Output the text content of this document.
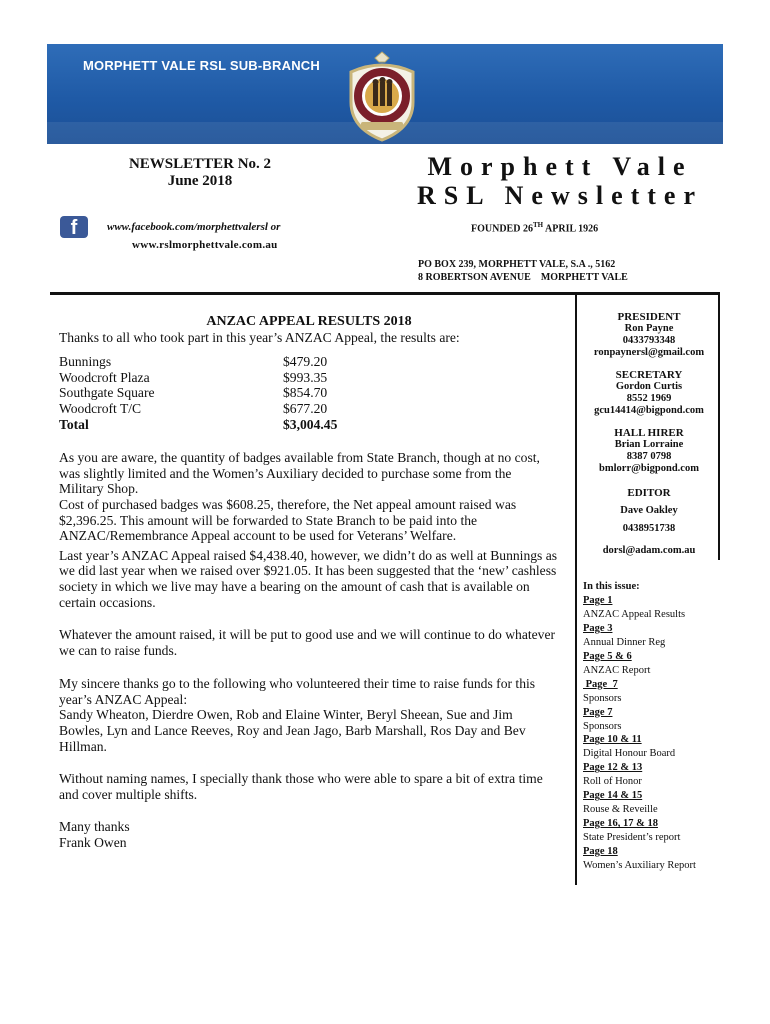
MORPHETT VALE RSL SUB-BRANCH
NEWSLETTER No. 2
June 2018	Morphett Vale
RSL Newsletter
f	www.facebook.com/morphettvalersl or
www.rslmorphettvale.com.au
FOUNDED 26TH APRIL 1926
PO BOX 239, MORPHETT VALE, S.A ., 5162
8 ROBERTSON AVENUE    MORPHETT VALE

ANZAC APPEAL RESULTS 2018

Thanks to all who took part in this year’s ANZAC Appeal, the results are:

Bunnings	$479.20
Woodcroft Plaza	$993.35
Southgate Square	$854.70
Woodcroft T/C	$677.20
Total	$3,004.45

As you are aware, the quantity of badges available from State Branch, though at no cost, was slightly limited and the Women’s Auxiliary decided to purchase some from the Military Shop.

Cost of purchased badges was $608.25, therefore, the Net appeal amount raised was $2,396.25. This amount will be forwarded to State Branch to be paid into the ANZAC/Remembrance Appeal account to be used for Veterans’ Welfare.

Last year’s ANZAC Appeal raised $4,438.40, however, we didn’t do as well at Bunnings as we did last year when we raised over $921.05. It has been suggested that the ‘new’ cashless society in which we live may have a bearing on the amount of cash that is available on certain occasions.

Whatever the amount raised, it will be put to good use and we will continue to do whatever we can to raise funds.

My sincere thanks go to the following who volunteered their time to raise funds for this year’s ANZAC Appeal:

Sandy Wheaton, Dierdre Owen, Rob and Elaine Winter, Beryl Sheean, Sue and Jim Bowles, Lyn and Lance Reeves, Roy and Jean Jago, Barb Marshall, Ros Day and Bev Hillman.

Without naming names, I specially thank those who were able to spare a bit of extra time and cover multiple shifts.

Many thanks

Frank Owen

PRESIDENT
Ron Payne
0433793348
ronpaynersl@gmail.com
SECRETARY
Gordon Curtis
8552 1969
gcu14414@bigpond.com
HALL HIRER
Brian Lorraine
8387 0798
bmlorr@bigpond.com
EDITOR
Dave Oakley
0438951738
dorsl@adam.com.au
In this issue:
Page 1
ANZAC Appeal Results
Page 3
Annual Dinner Reg
Page 5 & 6
ANZAC Report
Page  7
Sponsors
Page 7
Sponsors
Page 10 & 11
Digital Honour Board
Page 12 & 13
Roll of Honor
Page 14 & 15
Rouse & Reveille
Page 16, 17 & 18
State President’s report
Page 18
Women’s Auxiliary Report
